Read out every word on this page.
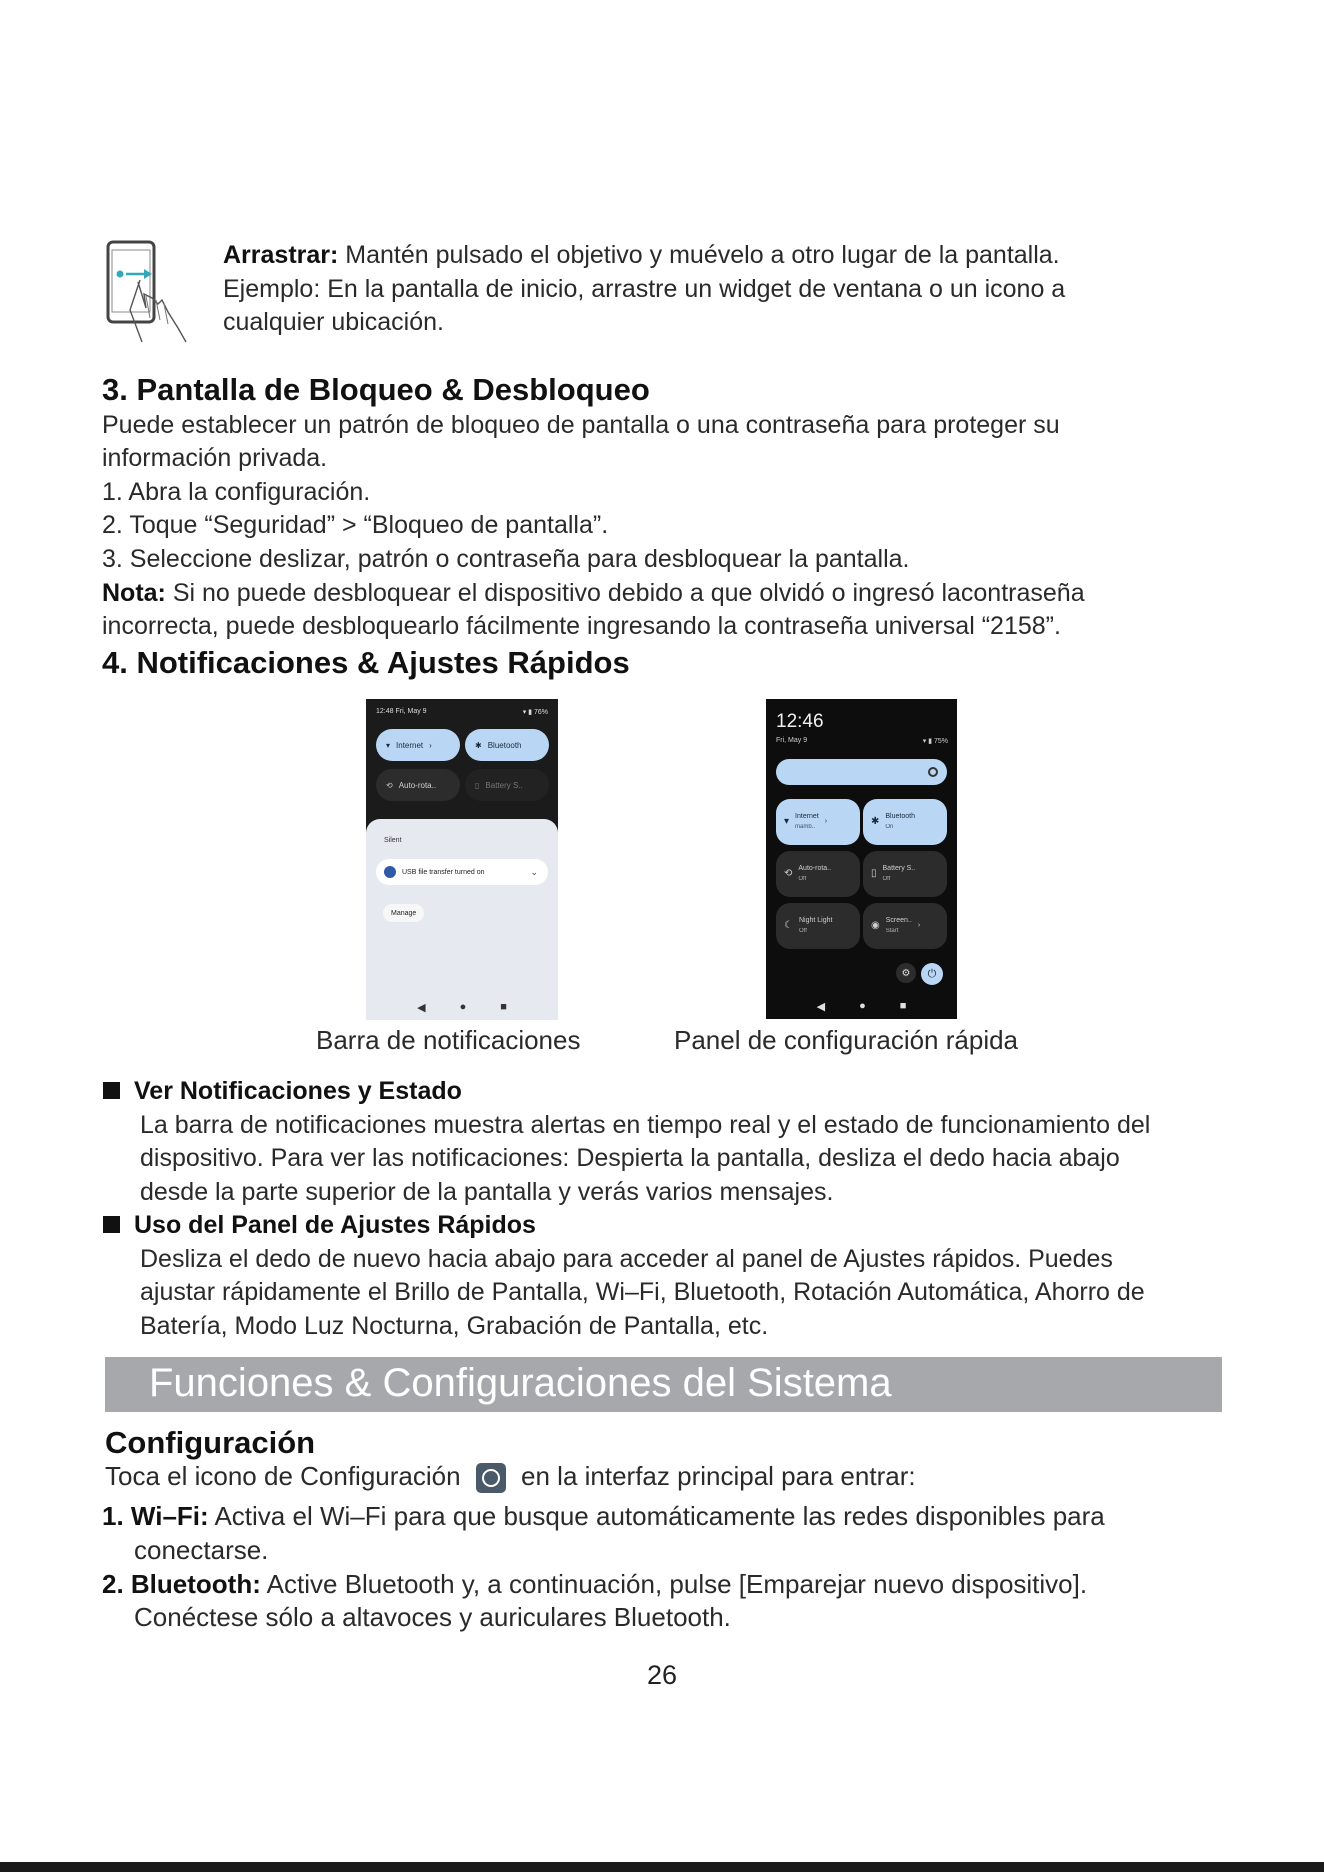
Arrastrar: Mantén pulsado el objetivo y muévelo a otro lugar de la pantalla.
Ejemplo: En la pantalla de inicio, arrastre un widget de ventana o un icono a
cualquier ubicación.
3. Pantalla de Bloqueo & Desbloqueo
Puede establecer un patrón de bloqueo de pantalla o una contraseña para proteger su
información privada.
1. Abra la configuración.
2. Toque “Seguridad” > “Bloqueo de pantalla”.
3. Seleccione deslizar, patrón o contraseña para desbloquear la pantalla.
Nota: Si no puede desbloquear el dispositivo debido a que olvidó o ingresó lacontraseña
incorrecta, puede desbloquearlo fácilmente ingresando la contraseña universal “2158”.
4. Notificaciones & Ajustes Rápidos
12:48 Fri, May 9	▾ ▮ 76%
▾ Internet ›	✱ Bluetooth
⟲ Auto-rota..	▯ Battery S..
Silent
USB file transfer turned on	⌄
Manage
◀	●	■
12:46
Fri, May 9	▾ ▮ 75%
▾ Internet
mamb..
›	✱ Bluetooth
On
⟲ Auto-rota..
Off	▯ Battery S..
Off
☾ Night Light
Off	◉ Screen..
Start
›
⚙	⏻
◀	●	■
Barra de notificaciones	Panel de configuración rápida
Ver Notificaciones y Estado
La barra de notificaciones muestra alertas en tiempo real y el estado de funcionamiento del
dispositivo. Para ver las notificaciones: Despierta la pantalla, desliza el dedo hacia abajo
desde la parte superior de la pantalla y verás varios mensajes.
Uso del Panel de Ajustes Rápidos
Desliza el dedo de nuevo hacia abajo para acceder al panel de Ajustes rápidos. Puedes
ajustar rápidamente el Brillo de Pantalla, Wi–Fi, Bluetooth, Rotación Automática, Ahorro de
Batería, Modo Luz Nocturna, Grabación de Pantalla, etc.
Funciones & Configuraciones del Sistema
Configuración
Toca el icono de Configuración en la interfaz principal para entrar:
1. Wi–Fi: Activa el Wi–Fi para que busque automáticamente las redes disponibles para
conectarse.
2. Bluetooth: Active Bluetooth y, a continuación, pulse [Emparejar nuevo dispositivo].
Conéctese sólo a altavoces y auriculares Bluetooth.
26
